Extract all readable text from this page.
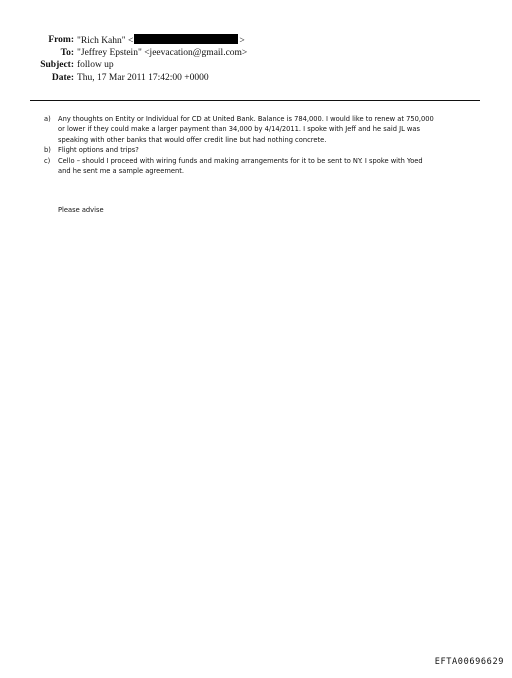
From: "Rich Kahn" <	>
To: "Jeffrey Epstein" <jeevacation@gmail.com>
Subject: follow up
Date: Thu, 17 Mar 2011 17:42:00 +0000
a) Any thoughts on Entity or Individual for CD at United Bank. Balance is 784,000. I would like to renew at 750,000
or lower if they could make a larger payment than 34,000 by 4/14/2011. I spoke with Jeff and he said JL was
speaking with other banks that would offer credit line but had nothing concrete.
b) Flight options and trips?
c) Cello – should I proceed with wiring funds and making arrangements for it to be sent to NY. I spoke with Yoed
and he sent me a sample agreement.
Please advise
EFTA00696629
